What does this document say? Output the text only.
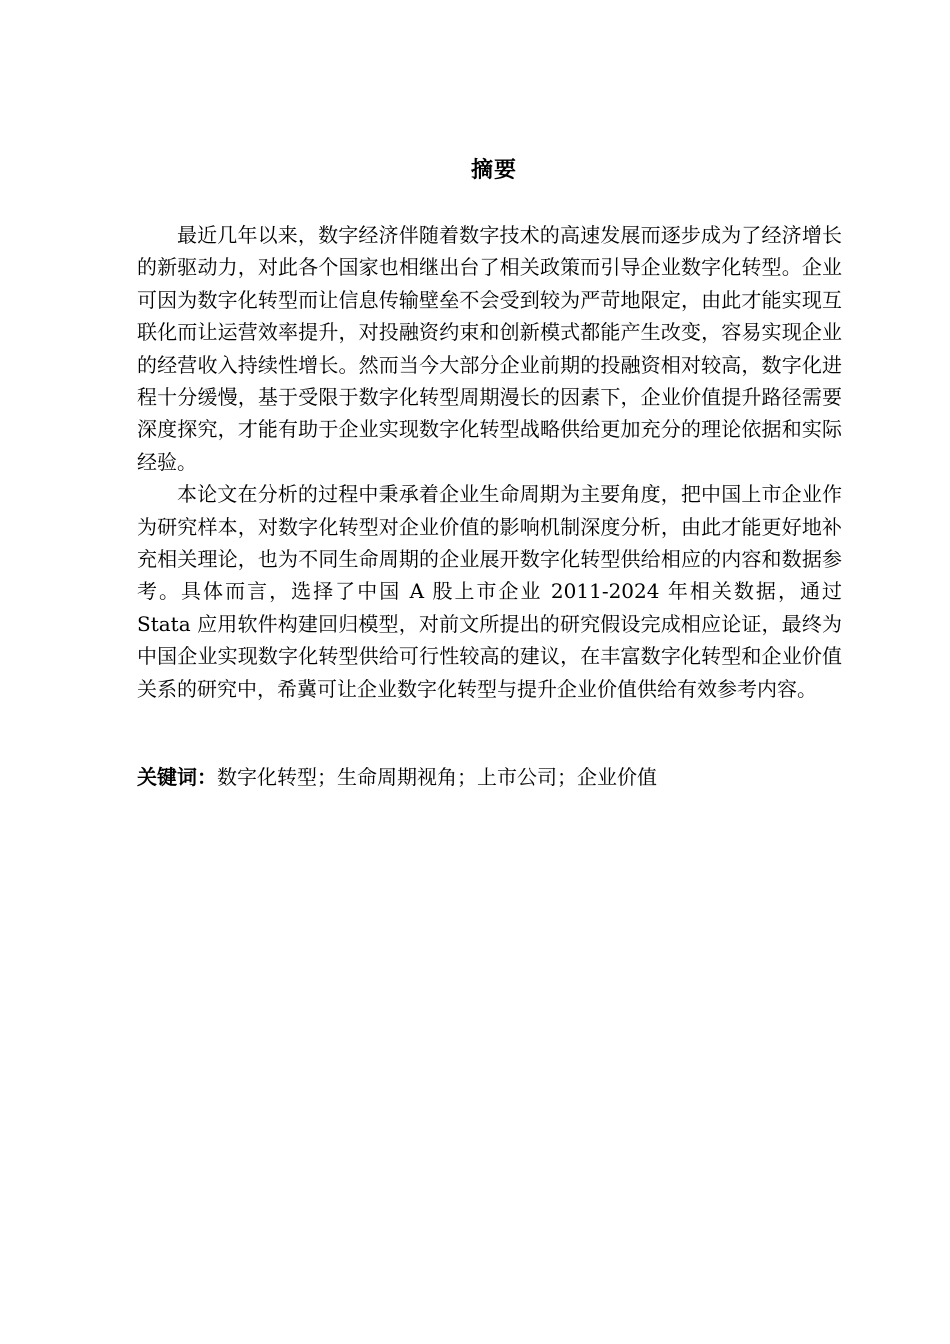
摘要

最近几年以来，数字经济伴随着数字技术的高速发展而逐步成为了经济增长的新驱动力，对此各个国家也相继出台了相关政策而引导企业数字化转型。企业可因为数字化转型而让信息传输壁垒不会受到较为严苛地限定，由此才能实现互联化而让运营效率提升，对投融资约束和创新模式都能产生改变，容易实现企业的经营收入持续性增长。然而当今大部分企业前期的投融资相对较高，数字化进程十分缓慢，基于受限于数字化转型周期漫长的因素下，企业价值提升路径需要深度探究，才能有助于企业实现数字化转型战略供给更加充分的理论依据和实际经验。

本论文在分析的过程中秉承着企业生命周期为主要角度，把中国上市企业作为研究样本，对数字化转型对企业价值的影响机制深度分析，由此才能更好地补充相关理论，也为不同生命周期的企业展开数字化转型供给相应的内容和数据参考。具体而言，选择了中国 A 股上市企业 2011-2024 年相关数据，通过 Stata 应用软件构建回归模型，对前文所提出的研究假设完成相应论证，最终为中国企业实现数字化转型供给可行性较高的建议，在丰富数字化转型和企业价值关系的研究中，希冀可让企业数字化转型与提升企业价值供给有效参考内容。

关键词：数字化转型；生命周期视角；上市公司；企业价值
